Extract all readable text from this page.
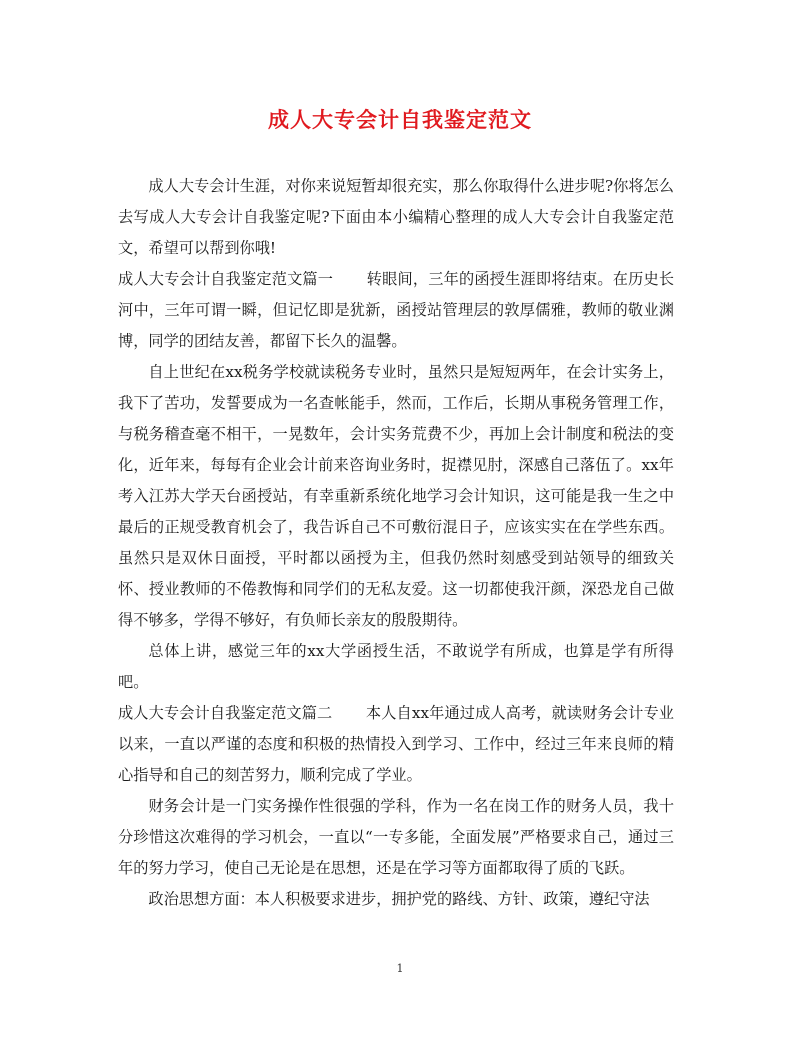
成人大专会计自我鉴定范文

成人大专会计生涯，对你来说短暂却很充实，那么你取得什么进步呢?你将怎么去写成人大专会计自我鉴定呢?下面由本小编精心整理的成人大专会计自我鉴定范文，希望可以帮到你哦!

成人大专会计自我鉴定范文篇一 转眼间，三年的函授生涯即将结束。在历史长河中，三年可谓一瞬，但记忆即是犹新，函授站管理层的敦厚儒雅，教师的敬业渊博，同学的团结友善，都留下长久的温馨。

自上世纪在xx税务学校就读税务专业时，虽然只是短短两年，在会计实务上，我下了苦功，发誓要成为一名查帐能手，然而，工作后，长期从事税务管理工作，与税务稽查毫不相干，一晃数年，会计实务荒费不少，再加上会计制度和税法的变化，近年来，每每有企业会计前来咨询业务时，捉襟见肘，深感自己落伍了。xx年考入江苏大学天台函授站，有幸重新系统化地学习会计知识，这可能是我一生之中最后的正规受教育机会了，我告诉自己不可敷衍混日子，应该实实在在学些东西。虽然只是双休日面授，平时都以函授为主，但我仍然时刻感受到站领导的细致关怀、授业教师的不倦教悔和同学们的无私友爱。这一切都使我汗颜，深恐龙自己做得不够多，学得不够好，有负师长亲友的殷殷期待。

总体上讲，感觉三年的xx大学函授生活，不敢说学有所成，也算是学有所得吧。

成人大专会计自我鉴定范文篇二 本人自xx年通过成人高考，就读财务会计专业以来，一直以严谨的态度和积极的热情投入到学习、工作中，经过三年来良师的精心指导和自己的刻苦努力，顺利完成了学业。

财务会计是一门实务操作性很强的学科，作为一名在岗工作的财务人员，我十分珍惜这次难得的学习机会，一直以“一专多能，全面发展”严格要求自己，通过三年的努力学习，使自己无论是在思想，还是在学习等方面都取得了质的飞跃。

政治思想方面：本人积极要求进步，拥护党的路线、方针、政策，遵纪守法

1
